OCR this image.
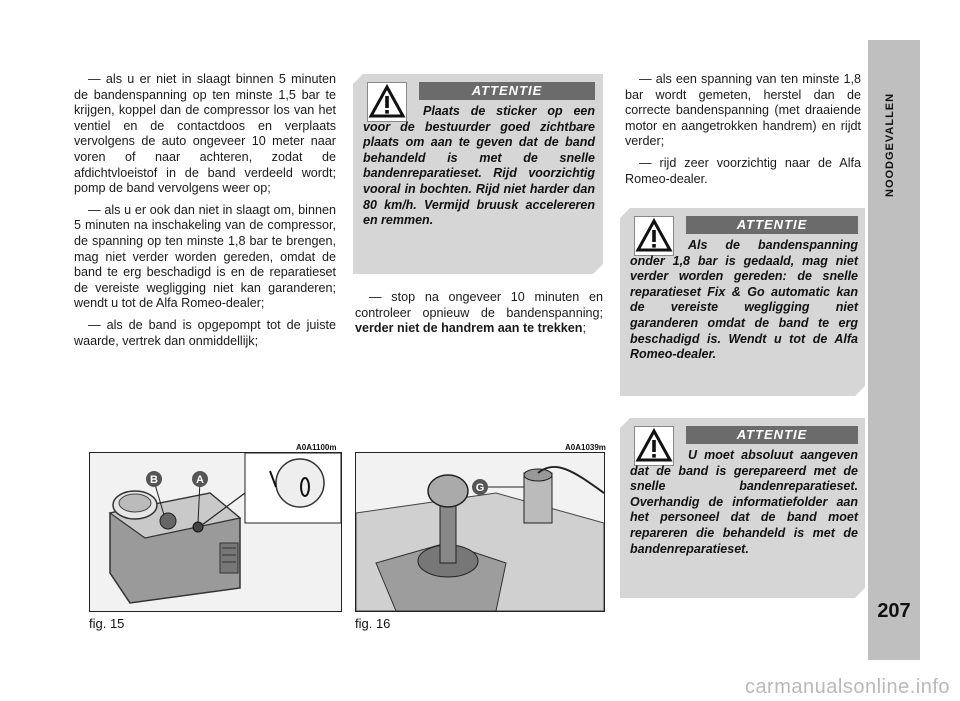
NOODGEVALLEN
207

— als u er niet in slaagt binnen 5 minuten de bandenspanning op ten minste 1,5 bar te krijgen, koppel dan de compressor los van het ventiel en de contactdoos en verplaats vervolgens de auto ongeveer 10 meter naar voren of naar achteren, zodat de afdichtvloeistof in de band verdeeld wordt; pomp de band vervolgens weer op;

— als u er ook dan niet in slaagt om, binnen 5 minuten na inschakeling van de compressor, de spanning op ten minste 1,8 bar te brengen, mag niet verder worden gereden, omdat de band te erg beschadigd is en de reparatieset de vereiste wegligging niet kan garanderen; wendt u tot de Alfa Romeo-dealer;

— als de band is opgepompt tot de juiste waarde, vertrek dan onmiddellijk;

ATTENTIE
Plaats de sticker op een voor de bestuurder goed zichtbare plaats om aan te geven dat de band behandeld is met de snelle bandenreparatieset. Rijd voorzichtig vooral in bochten. Rijd niet harder dan 80 km/h. Vermijd bruusk accelereren en remmen.

— stop na ongeveer 10 minuten en controleer opnieuw de bandenspanning; verder niet de handrem aan te trekken;

— als een spanning van ten minste 1,8 bar wordt gemeten, herstel dan de correcte bandenspanning (met draaiende motor en aangetrokken handrem) en rijdt verder;

— rijd zeer voorzichtig naar de Alfa Romeo-dealer.

ATTENTIE
Als de bandenspanning onder 1,8 bar is gedaald, mag niet verder worden gereden: de snelle reparatieset Fix & Go automatic kan de vereiste wegligging niet garanderen omdat de band te erg beschadigd is. Wendt u tot de Alfa Romeo-dealer.
ATTENTIE
U moet absoluut aangeven dat de band is gerepareerd met de snelle bandenreparatieset. Overhandig de informatiefolder aan het personeel dat de band moet repareren die behandeld is met de bandenreparatieset.
A0A1100m
B	A
fig. 15
A0A1039m
G
fig. 16
carmanualsonline.info
